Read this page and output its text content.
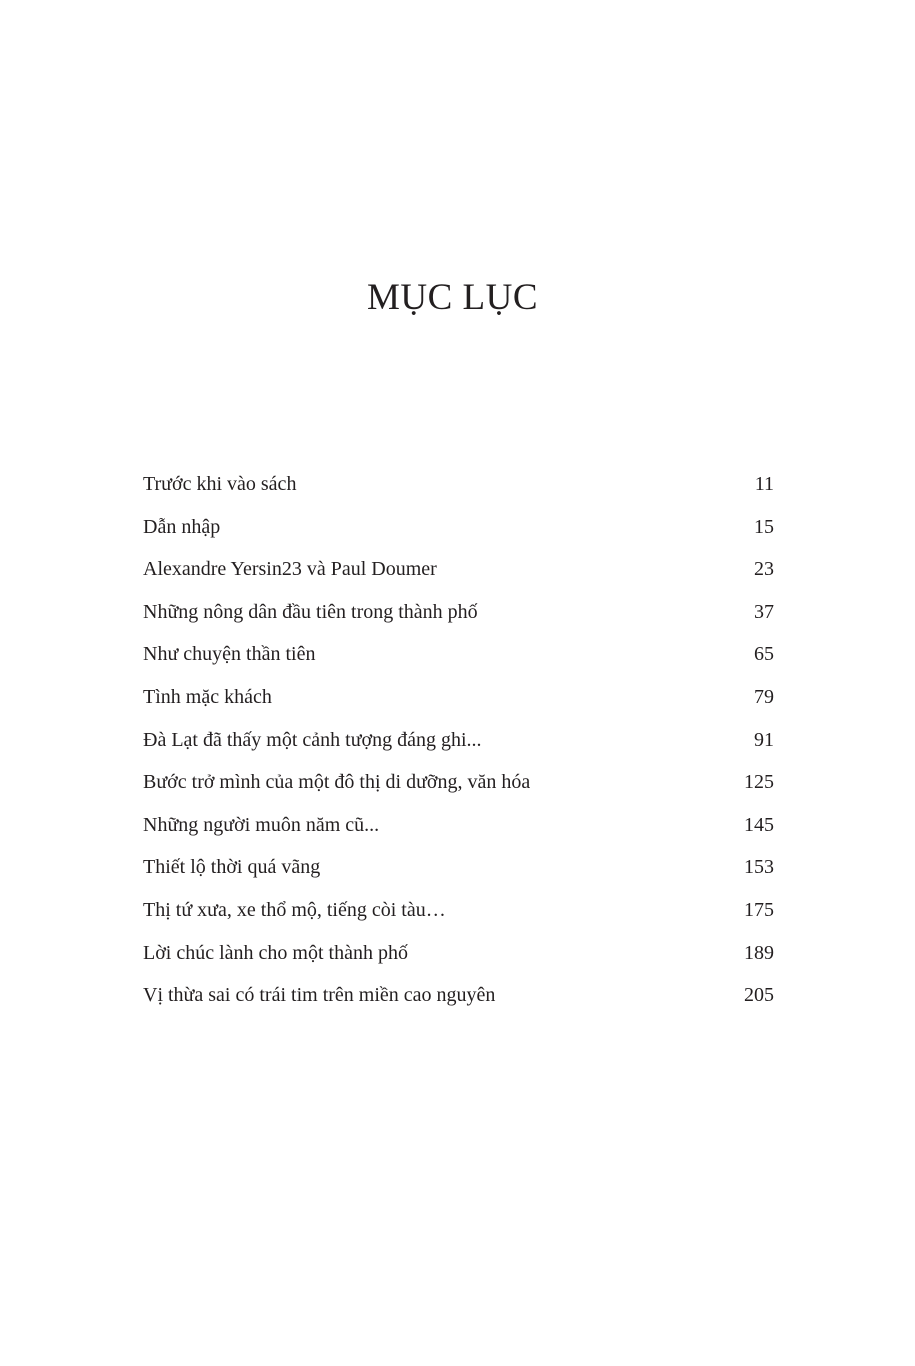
MỤC LỤC
Trước khi vào sách	11
Dẫn nhập	15
Alexandre Yersin23 và Paul Doumer	23
Những nông dân đầu tiên trong thành phố	37
Như chuyện thần tiên	65
Tình mặc khách	79
Đà Lạt đã thấy một cảnh tượng đáng ghi...	91
Bước trở mình của một đô thị di dưỡng, văn hóa	125
Những người muôn năm cũ...	145
Thiết lộ thời quá vãng	153
Thị tứ xưa, xe thổ mộ, tiếng còi tàu…	175
Lời chúc lành cho một thành phố	189
Vị thừa sai có trái tim trên miền cao nguyên	205
